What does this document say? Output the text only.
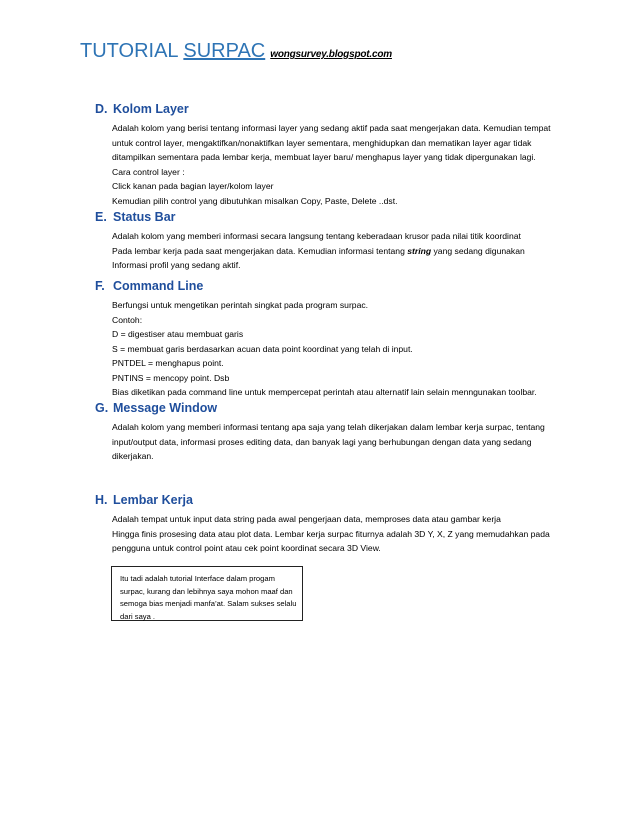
TUTORIAL SURPAC wongsurvey.blogspot.com
D. Kolom Layer
Adalah kolom yang berisi tentang informasi layer yang sedang aktif pada saat mengerjakan data. Kemudian tempat
untuk control layer, mengaktifkan/nonaktifkan layer sementara, menghidupkan dan mematikan layer agar tidak
ditampilkan sementara pada lembar kerja, membuat layer baru/ menghapus layer yang tidak dipergunakan lagi.
Cara control layer :
Click kanan pada bagian layer/kolom layer
Kemudian pilih control yang dibutuhkan misalkan Copy, Paste, Delete ..dst.
E. Status Bar
Adalah kolom yang memberi informasi secara langsung tentang keberadaan krusor pada nilai titik koordinat
Pada lembar kerja pada saat mengerjakan data. Kemudian informasi tentang string yang sedang digunakan
Informasi profil yang sedang aktif.
F. Command Line
Berfungsi untuk mengetikan perintah singkat pada program surpac.
Contoh:
D = digestiser atau membuat garis
S = membuat garis berdasarkan acuan data point koordinat yang telah di input.
PNTDEL = menghapus point.
PNTINS = mencopy point. Dsb
Bias diketikan pada command line untuk mempercepat perintah atau alternatif lain selain menngunakan toolbar.
G. Message Window
Adalah kolom yang memberi informasi tentang apa saja yang telah dikerjakan dalam lembar kerja surpac, tentang
input/output data, informasi proses editing data, dan banyak lagi yang berhubungan dengan data yang sedang
dikerjakan.
H. Lembar Kerja
Adalah tempat untuk input data string pada awal pengerjaan data, memproses data atau gambar kerja
Hingga finis prosesing data atau plot data. Lembar kerja surpac fiturnya adalah 3D Y, X, Z yang memudahkan pada
pengguna untuk control point atau cek point koordinat secara 3D View.
Itu tadi adalah tutorial Interface dalam progam
surpac, kurang dan lebihnya saya mohon maaf dan
semoga bias menjadi manfa’at. Salam sukses selalu
dari saya .
